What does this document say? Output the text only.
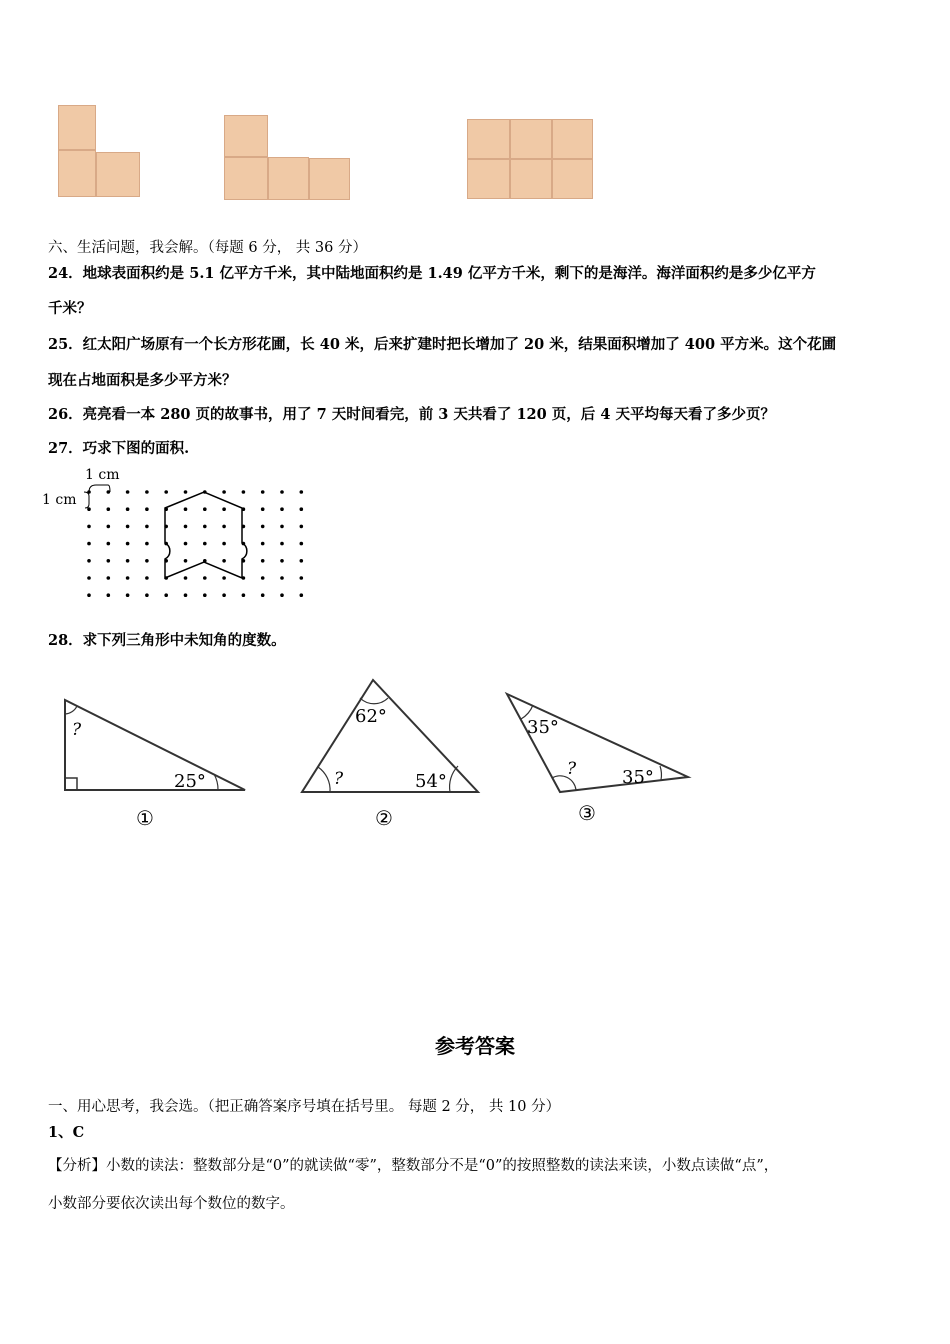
六、生活问题，我会解。（每题 6 分， 共 36 分）
24．地球表面积约是 5.1 亿平方千米，其中陆地面积约是 1.49 亿平方千米，剩下的是海洋。海洋面积约是多少亿平方
千米？
25．红太阳广场原有一个长方形花圃，长 40 米，后来扩建时把长增加了 20 米，结果面积增加了 400 平方米。这个花圃
现在占地面积是多少平方米？
26．亮亮看一本 280 页的故事书，用了 7 天时间看完，前 3 天共看了 120 页，后 4 天平均每天看了多少页？
27．巧求下图的面积.
1 cm
1 cm
28．求下列三角形中未知角的度数。
?
25°
①
62°
?	54°
②
35°
?	35°
③
参考答案
一、用心思考，我会选。（把正确答案序号填在括号里。 每题 2 分， 共 10 分）
1、C
【分析】小数的读法：整数部分是“0”的就读做“零”，整数部分不是“0”的按照整数的读法来读，小数点读做“点”，
小数部分要依次读出每个数位的数字。
